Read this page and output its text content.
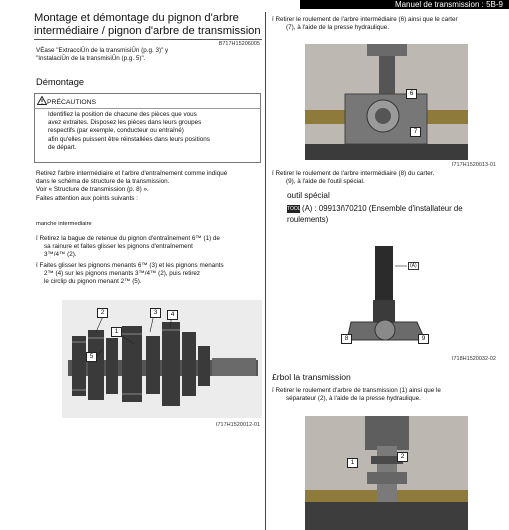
Manuel de transmission : 5B-9
Montage et démontage du pignon d'arbre
intermédiaire / pignon d'arbre de transmission
B717H15206005
VÈase "ExtracciÛn de la transmisiÛn (p.g. 3)" y
"InstalaciÛn de la transmisiÛn (p.g. 5)".
Démontage
PRÉCAUTIONS
Identifiez la position de chacune des pièces que vous
avez extraites. Disposez les pièces dans leurs groupes
respectifs (par exemple, conducteur ou entraîné)
afin qu'elles puissent être réinstallées dans leurs positions
de départ.
Retirez l'arbre intermédiaire et l'arbre d'entraînement comme indiqué
dans le schéma de structure de la transmission.
Voir « Structure de transmission (p. 8) ».
Faites attention aux points suivants :
manche intermediaire
ï Retirez la bague de retenue du pignon d'entraînement 6™ (1) de
sa rainure et faites glisser les pignons d'entraînement
3™/4™ (2).
ï Faites glisser les pignons menants 6™ (3) et les pignons menants
2™ (4) sur les pignons menants 3™/4™ (2), puis retirez
le circlip du pignon menant 2™ (5).
2	3	4
1
5
I717H1520012-01
ï Retirer le roulement de l'arbre intermédiaire (6) ainsi que le carter
(7), à l'aide de la presse hydraulique.
6
7
I717H1520013-01
ï Retirer le roulement de l'arbre intermédiaire (8) du carter.
(9), à l'aide de l'outil spécial.
outil spécial
TOOL(A) : 09913ñ70210 (Ensemble d'installateur de
roulements)
(A)
8	9
I718H1520032-02
£rbol la transmission
ï Retirer le roulement d'arbre de transmission (1) ainsi que le
séparateur (2), à l'aide de la presse hydraulique.
1
2
